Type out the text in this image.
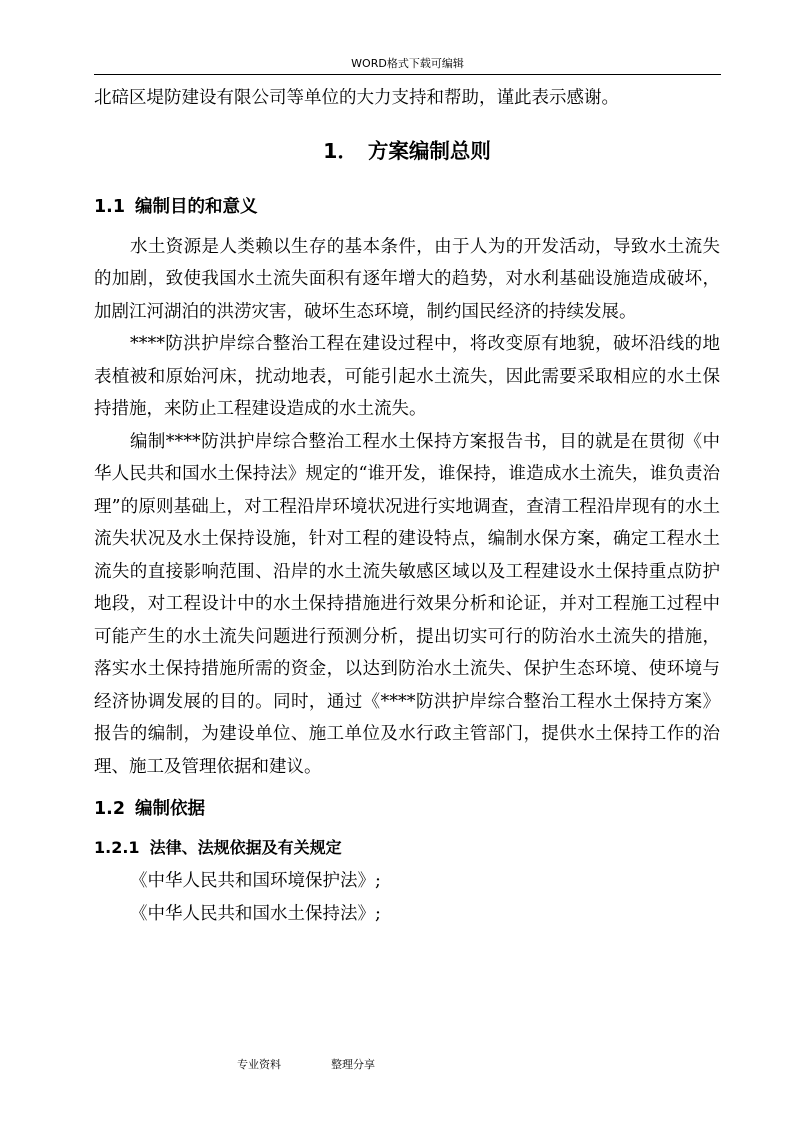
WORD格式下载可编辑

北碚区堤防建设有限公司等单位的大力支持和帮助，谨此表示感谢。

1． 方案编制总则
1.1 编制目的和意义

水土资源是人类赖以生存的基本条件，由于人为的开发活动，导致水土流失的加剧，致使我国水土流失面积有逐年增大的趋势，对水利基础设施造成破坏，加剧江河湖泊的洪涝灾害，破坏生态环境，制约国民经济的持续发展。

****防洪护岸综合整治工程在建设过程中，将改变原有地貌，破坏沿线的地表植被和原始河床，扰动地表，可能引起水土流失，因此需要采取相应的水土保持措施，来防止工程建设造成的水土流失。

编制****防洪护岸综合整治工程水土保持方案报告书，目的就是在贯彻《中华人民共和国水土保持法》规定的“谁开发，谁保持，谁造成水土流失，谁负责治理”的原则基础上，对工程沿岸环境状况进行实地调查，查清工程沿岸现有的水土流失状况及水土保持设施，针对工程的建设特点，编制水保方案，确定工程水土流失的直接影响范围、沿岸的水土流失敏感区域以及工程建设水土保持重点防护地段，对工程设计中的水土保持措施进行效果分析和论证，并对工程施工过程中可能产生的水土流失问题进行预测分析，提出切实可行的防治水土流失的措施，落实水土保持措施所需的资金，以达到防治水土流失、保护生态环境、使环境与经济协调发展的目的。同时，通过《****防洪护岸综合整治工程水土保持方案》报告的编制，为建设单位、施工单位及水行政主管部门，提供水土保持工作的治理、施工及管理依据和建议。

1.2 编制依据
1.2.1 法律、法规依据及有关规定

《中华人民共和国环境保护法》;

《中华人民共和国水土保持法》;

专业资料	整理分享
